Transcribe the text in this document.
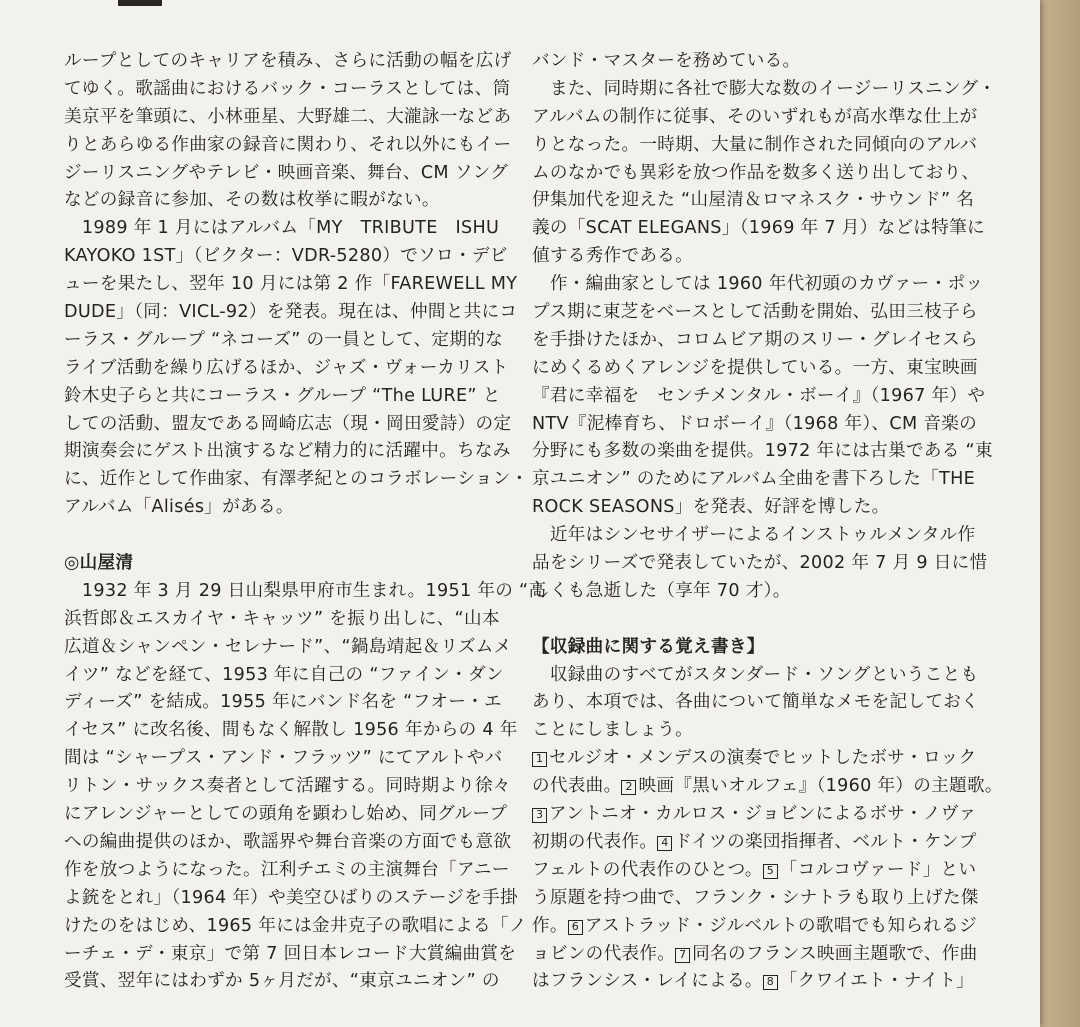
ループとしてのキャリアを積み、さらに活動の幅を広げ
てゆく。歌謡曲におけるバック・コーラスとしては、筒
美京平を筆頭に、小林亜星、大野雄二、大瀧詠一などあ
りとあらゆる作曲家の録音に関わり、それ以外にもイー
ジーリスニングやテレビ・映画音楽、舞台、CM ソング
などの録音に参加、その数は枚挙に暇がない。
　1989 年 1 月にはアルバム「MY　TRIBUTE　ISHU
KAYOKO 1ST」（ビクター：VDR-5280）でソロ・デビ
ューを果たし、翌年 10 月には第 2 作「FAREWELL MY
DUDE」（同：VICL-92）を発表。現在は、仲間と共にコ
ーラス・グループ “ネコーズ” の一員として、定期的な
ライブ活動を繰り広げるほか、ジャズ・ヴォーカリスト
鈴木史子らと共にコーラス・グループ “The LURE” と
しての活動、盟友である岡崎広志（現・岡田愛詩）の定
期演奏会にゲスト出演するなど精力的に活躍中。ちなみ
に、近作として作曲家、有澤孝紀とのコラボレーション・
アルバム「Alisés」がある。
◎山屋清
　1932 年 3 月 29 日山梨県甲府市生まれ。1951 年の “高
浜哲郎＆エスカイヤ・キャッツ” を振り出しに、“山本
広道＆シャンペン・セレナード”、“鍋島靖起＆リズムメ
イツ” などを経て、1953 年に自己の “ファイン・ダン
ディーズ” を結成。1955 年にバンド名を “フオー・エ
イセス” に改名後、間もなく解散し 1956 年からの 4 年
間は “シャープス・アンド・フラッツ” にてアルトやバ
リトン・サックス奏者として活躍する。同時期より徐々
にアレンジャーとしての頭角を顕わし始め、同グループ
への編曲提供のほか、歌謡界や舞台音楽の方面でも意欲
作を放つようになった。江利チエミの主演舞台「アニー
よ銃をとれ」（1964 年）や美空ひばりのステージを手掛
けたのをはじめ、1965 年には金井克子の歌唱による「ノ
ーチェ・デ・東京」で第 7 回日本レコード大賞編曲賞を
受賞、翌年にはわずか 5ヶ月だが、“東京ユニオン” の
バンド・マスターを務めている。
　また、同時期に各社で膨大な数のイージーリスニング・
アルバムの制作に従事、そのいずれもが高水準な仕上が
りとなった。一時期、大量に制作された同傾向のアルバ
ムのなかでも異彩を放つ作品を数多く送り出しており、
伊集加代を迎えた “山屋清＆ロマネスク・サウンド” 名
義の「SCAT ELEGANS」（1969 年 7 月）などは特筆に
値する秀作である。
　作・編曲家としては 1960 年代初頭のカヴァー・ポッ
プス期に東芝をベースとして活動を開始、弘田三枝子ら
を手掛けたほか、コロムビア期のスリー・グレイセスら
にめくるめくアレンジを提供している。一方、東宝映画
『君に幸福を　センチメンタル・ボーイ』（1967 年）や
NTV『泥棒育ち、ドロボーイ』（1968 年）、CM 音楽の
分野にも多数の楽曲を提供。1972 年には古巣である “東
京ユニオン” のためにアルバム全曲を書下ろした「THE
ROCK SEASONS」を発表、好評を博した。
　近年はシンセサイザーによるインストゥルメンタル作
品をシリーズで発表していたが、2002 年 7 月 9 日に惜
しくも急逝した（享年 70 才）。
【収録曲に関する覚え書き】
　収録曲のすべてがスタンダード・ソングということも
あり、本項では、各曲について簡単なメモを記しておく
ことにしましょう。
1 セルジオ・メンデスの演奏でヒットしたボサ・ロック
の代表曲。 2 映画『黒いオルフェ』（1960 年）の主題歌。
3 アントニオ・カルロス・ジョビンによるボサ・ノヴァ
初期の代表作。 4 ドイツの楽団指揮者、ベルト・ケンプ
フェルトの代表作のひとつ。 5 「コルコヴァード」とい
う原題を持つ曲で、フランク・シナトラも取り上げた傑
作。 6 アストラッド・ジルベルトの歌唱でも知られるジ
ョビンの代表作。 7 同名のフランス映画主題歌で、作曲
はフランシス・レイによる。 8 「クワイエト・ナイト」
